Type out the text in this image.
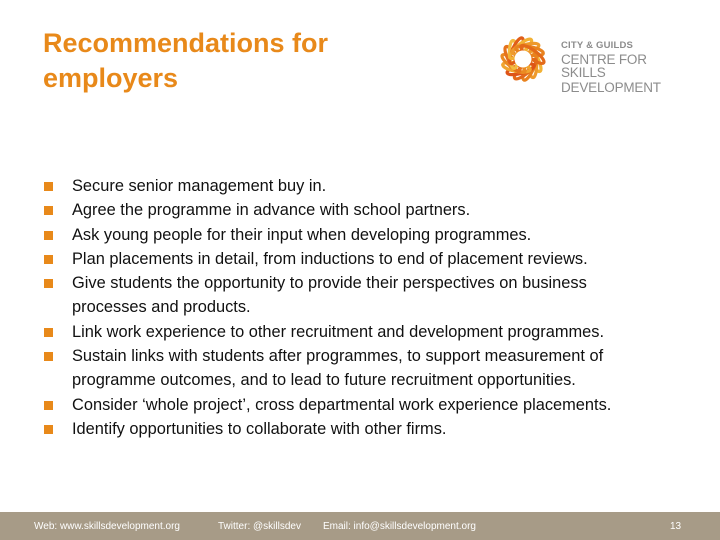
Recommendations for employers
CITY & GUILDS
CENTRE FOR SKILLS
DEVELOPMENT
Secure senior management buy in.
Agree the programme in advance with school partners.
Ask young people for their input when developing programmes.
Plan placements in detail, from inductions to end of placement reviews.
Give students the opportunity to provide their perspectives on business
processes and products.
Link work experience to other recruitment and development programmes.
Sustain links with students after programmes, to support measurement of
programme outcomes, and to lead to future recruitment opportunities.
Consider ‘whole project’, cross departmental work experience placements.
Identify opportunities to collaborate with other firms.
Web: www.skillsdevelopment.org	Twitter: @skillsdev Email: info@skillsdevelopment.org	13
